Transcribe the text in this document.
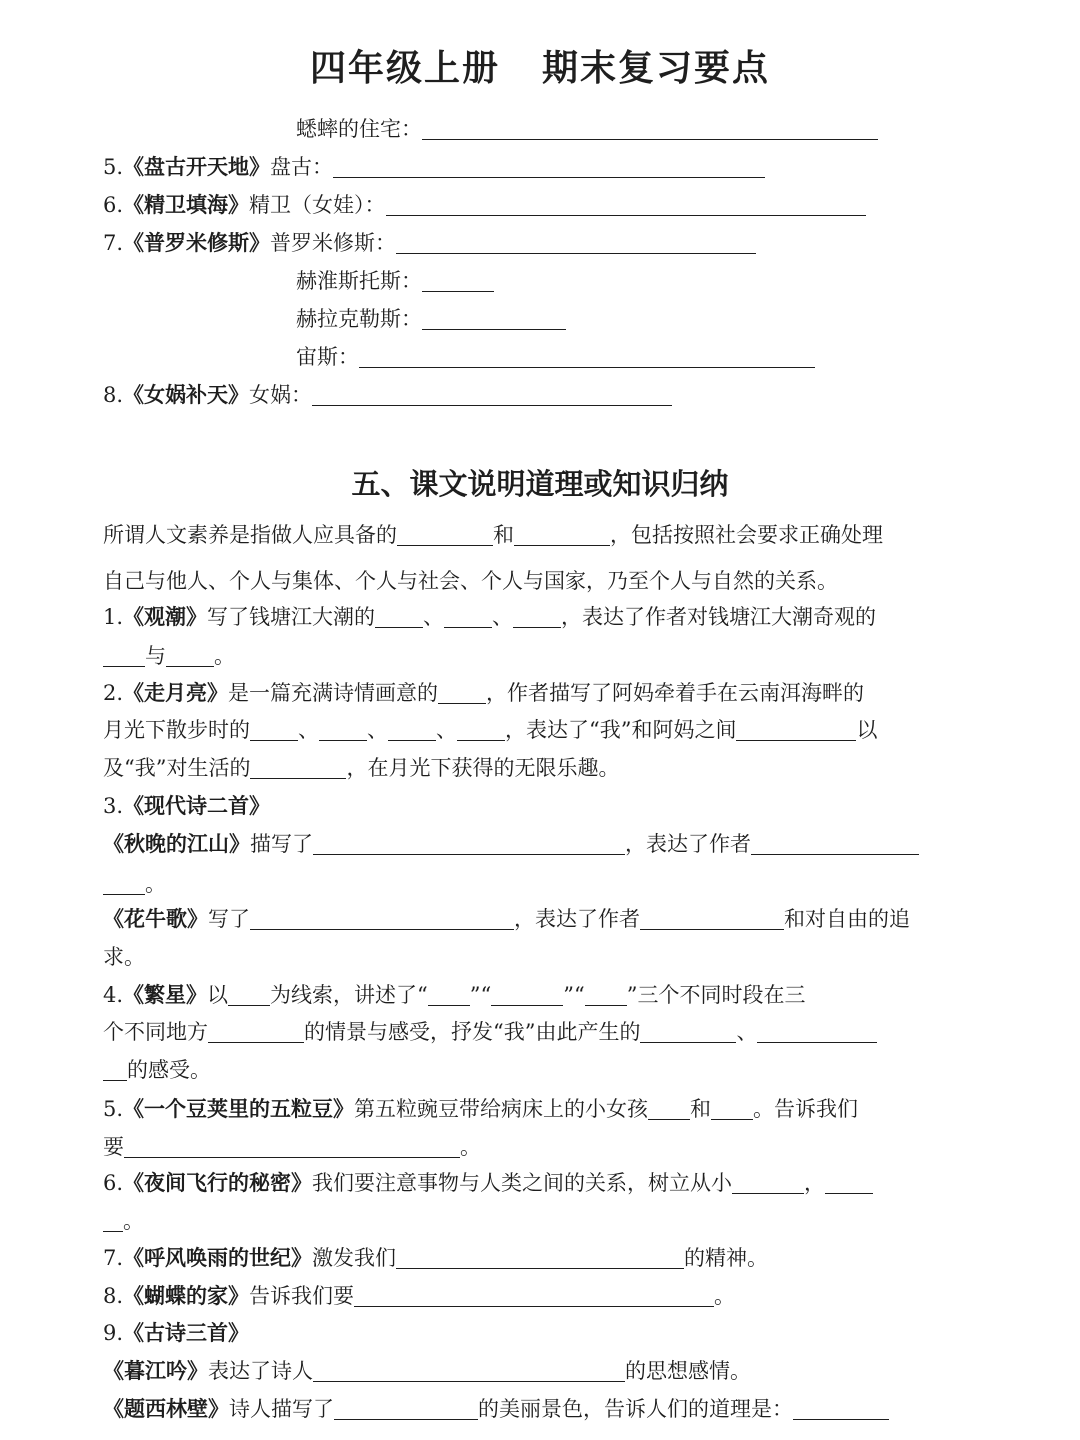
四年级上册 期末复习要点
蟋蟀的住宅：
5.《盘古开天地》盘古：
6.《精卫填海》精卫（女娃）：
7.《普罗米修斯》普罗米修斯：
赫淮斯托斯：
赫拉克勒斯：
宙斯：
8.《女娲补天》女娲：
五、课文说明道理或知识归纳
所谓人文素养是指做人应具备的	和	，包括按照社会要求正确处理
自己与他人、个人与集体、个人与社会、个人与国家，乃至个人与自然的关系。
1.《观潮》写了钱塘江大潮的 、 、 ，表达了作者对钱塘江大潮奇观的
与 。
2.《走月亮》是一篇充满诗情画意的 ，作者描写了阿妈牵着手在云南洱海畔的
月光下散步时的 、 、 、 ，表达了“我”和阿妈之间	以
及“我”对生活的	，在月光下获得的无限乐趣。
3.《现代诗二首》
《秋晚的江山》描写了	，表达了作者
。
《花牛歌》写了	，表达了作者	和对自由的追
求。
4.《繁星》以 为线索，讲述了“ ”“	”“ ”三个不同时段在三
个不同地方	的情景与感受，抒发“我”由此产生的	、
的感受。
5.《一个豆荚里的五粒豆》第五粒豌豆带给病床上的小女孩 和 。告诉我们
要	。
6.《夜间飞行的秘密》我们要注意事物与人类之间的关系，树立从小	，
。
7.《呼风唤雨的世纪》激发我们	的精神。
8.《蝴蝶的家》告诉我们要	。
9.《古诗三首》
《暮江吟》表达了诗人	的思想感情。
《题西林壁》诗人描写了	的美丽景色，告诉人们的道理是：
